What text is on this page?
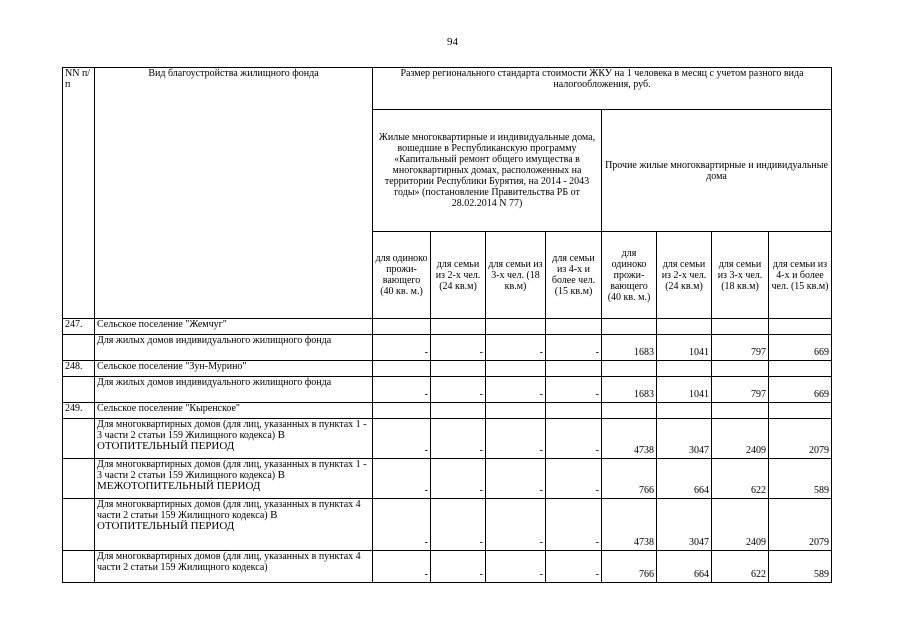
94
NN п/п	Вид благоустройства жилищного фонда	Размер регионального стандарта стоимости ЖКУ на 1 человека в месяц с учетом разного вида налогообложения, руб.							
		Жилые многоквартирные и индивидуальные дома, вошедшие в Республиканскую программу «Капитальный ремонт общего имущества в многоквартирных домах, расположенных на территории Республики Бурятия, на 2014 - 2043 годы» (постановление Правительства РБ от 28.02.2014 N 77)				Прочие жилые многоквартирные и индивидуальные дома			
		для одиноко прожи-вающего (40 кв. м.)	для семьи из 2-х чел. (24 кв.м)	для семьи из 3-х чел. (18 кв.м)	для семьи из 4-х и более чел. (15 кв.м)	для одиноко прожи-вающего (40 кв. м.)	для семьи из 2-х чел. (24 кв.м)	для семьи из 3-х чел. (18 кв.м)	для семьи из 4-х и более чел. (15 кв.м)
247.	Сельское поселение "Жемчуг"								
	Для жилых домов индивидуального жилищного фонда	-	-	-	-	1683	1041	797	669
248.	Сельское поселение "Зун-Мурино"								
	Для жилых домов индивидуального жилищного фонда	-	-	-	-	1683	1041	797	669
249.	Сельское поселение "Кыренское"								
	Для многоквартирных домов (для лиц, указанных в пунктах 1 - 3 части 2 статьи 159 Жилищного кодекса) В ОТОПИТЕЛЬНЫЙ ПЕРИОД	-	-	-	-	4738	3047	2409	2079
	Для многоквартирных домов (для лиц, указанных в пунктах 1 - 3 части 2 статьи 159 Жилищного кодекса) В МЕЖОТОПИТЕЛЬНЫЙ ПЕРИОД	-	-	-	-	766	664	622	589
	Для многоквартирных домов (для лиц, указанных в пунктах 4 части 2 статьи 159 Жилищного кодекса) В ОТОПИТЕЛЬНЫЙ ПЕРИОД	-	-	-	-	4738	3047	2409	2079
	Для многоквартирных домов (для лиц, указанных в пунктах 4 части 2 статьи 159 Жилищного кодекса)	-	-	-	-	766	664	622	589
